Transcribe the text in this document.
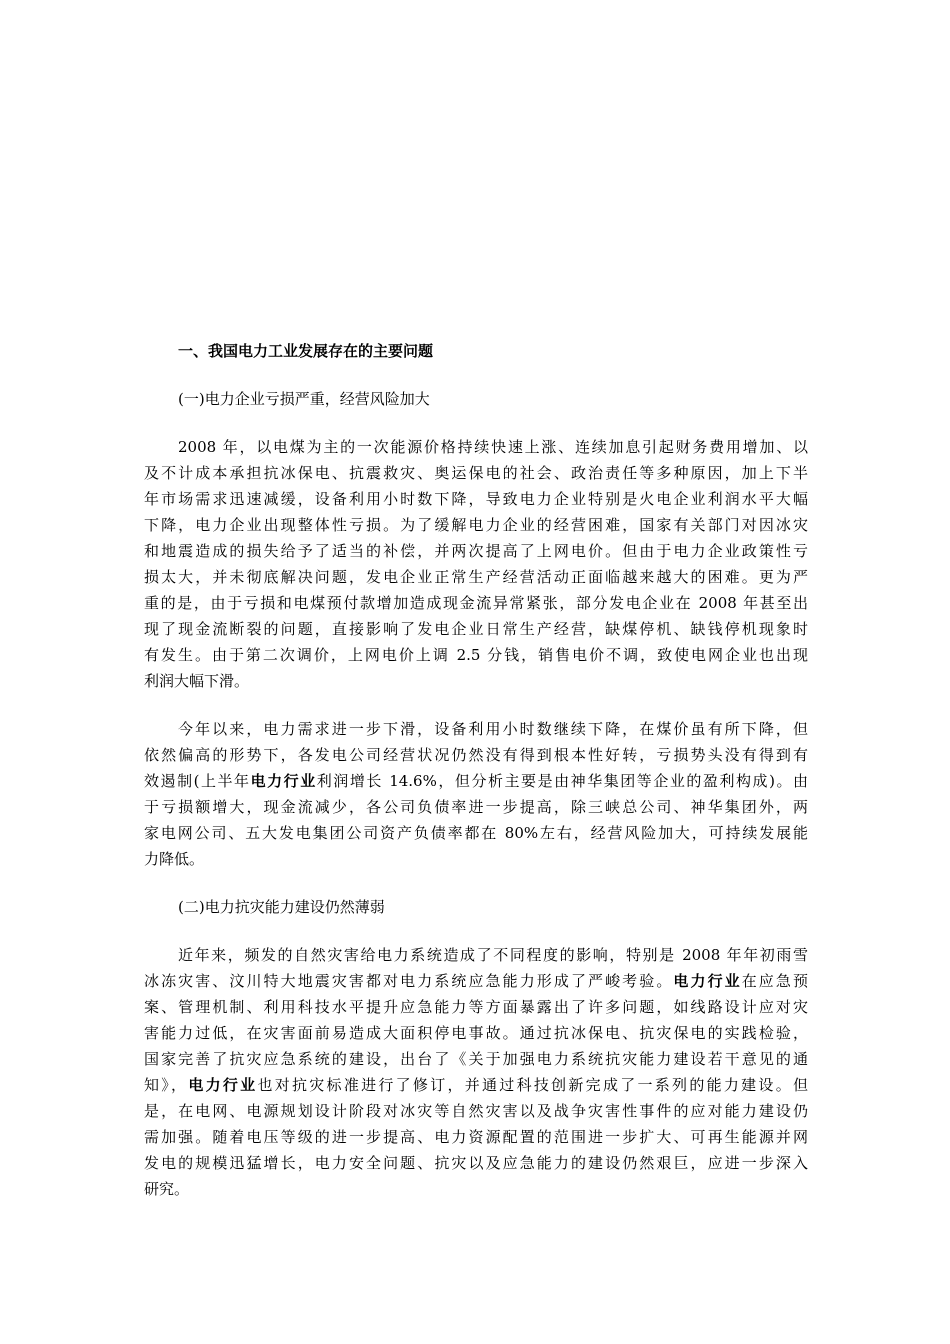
一、我国电力工业发展存在的主要问题
(一)电力企业亏损严重，经营风险加大
2008 年，以电煤为主的一次能源价格持续快速上涨、连续加息引起财务费用增加、以
及不计成本承担抗冰保电、抗震救灾、奥运保电的社会、政治责任等多种原因，加上下半
年市场需求迅速减缓，设备利用小时数下降，导致电力企业特别是火电企业利润水平大幅
下降，电力企业出现整体性亏损。为了缓解电力企业的经营困难，国家有关部门对因冰灾
和地震造成的损失给予了适当的补偿，并两次提高了上网电价。但由于电力企业政策性亏
损太大，并未彻底解决问题，发电企业正常生产经营活动正面临越来越大的困难。更为严
重的是，由于亏损和电煤预付款增加造成现金流异常紧张，部分发电企业在 2008 年甚至出
现了现金流断裂的问题，直接影响了发电企业日常生产经营，缺煤停机、缺钱停机现象时
有发生。由于第二次调价，上网电价上调 2.5 分钱，销售电价不调，致使电网企业也出现
利润大幅下滑。
今年以来，电力需求进一步下滑，设备利用小时数继续下降，在煤价虽有所下降，但
依然偏高的形势下，各发电公司经营状况仍然没有得到根本性好转，亏损势头没有得到有
效遏制(上半年电力行业利润增长 14.6%，但分析主要是由神华集团等企业的盈利构成)。由
于亏损额增大，现金流减少，各公司负债率进一步提高，除三峡总公司、神华集团外，两
家电网公司、五大发电集团公司资产负债率都在 80%左右，经营风险加大，可持续发展能
力降低。
(二)电力抗灾能力建设仍然薄弱
近年来，频发的自然灾害给电力系统造成了不同程度的影响，特别是 2008 年年初雨雪
冰冻灾害、汶川特大地震灾害都对电力系统应急能力形成了严峻考验。电力行业在应急预
案、管理机制、利用科技水平提升应急能力等方面暴露出了许多问题，如线路设计应对灾
害能力过低，在灾害面前易造成大面积停电事故。通过抗冰保电、抗灾保电的实践检验，
国家完善了抗灾应急系统的建设，出台了《关于加强电力系统抗灾能力建设若干意见的通
知》，电力行业也对抗灾标准进行了修订，并通过科技创新完成了一系列的能力建设。但
是，在电网、电源规划设计阶段对冰灾等自然灾害以及战争灾害性事件的应对能力建设仍
需加强。随着电压等级的进一步提高、电力资源配置的范围进一步扩大、可再生能源并网
发电的规模迅猛增长，电力安全问题、抗灾以及应急能力的建设仍然艰巨，应进一步深入
研究。
